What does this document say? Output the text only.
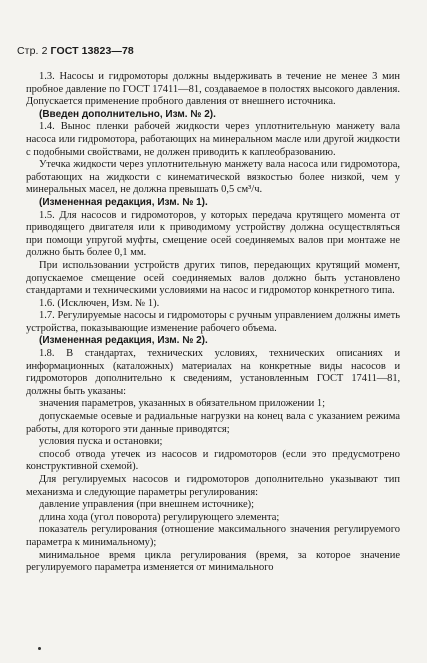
Стр. 2 ГОСТ 13823—78

1.3. Насосы и гидромоторы должны выдерживать в течение не менее 3 мин пробное давление по ГОСТ 17411—81, создаваемое в полостях высокого давления. Допускается применение пробного давления от внешнего источника.

(Введен дополнительно, Изм. № 2).

1.4. Вынос пленки рабочей жидкости через уплотнительную манжету вала насоса или гидромотора, работающих на минеральном масле или другой жидкости с подобными свойствами, не должен приводить к каплеобразованию.

Утечка жидкости через уплотнительную манжету вала насоса или гидромотора, работающих на жидкости с кинематической вязкостью более низкой, чем у минеральных масел, не должна превышать 0,5 см³/ч.

(Измененная редакция, Изм. № 1).

1.5. Для насосов и гидромоторов, у которых передача крутящего момента от приводящего двигателя или к приводимому устройству должна осуществляться при помощи упругой муфты, смещение осей соединяемых валов при монтаже не должно быть более 0,1 мм.

При использовании устройств других типов, передающих крутящий момент, допускаемое смещение осей соединяемых валов должно быть установлено стандартами и техническими условиями на насос и гидромотор конкретного типа.

1.6. (Исключен, Изм. № 1).

1.7. Регулируемые насосы и гидромоторы с ручным управлением должны иметь устройства, показывающие изменение рабочего объема.

(Измененная редакция, Изм. № 2).

1.8. В стандартах, технических условиях, технических описаниях и информационных (каталожных) материалах на конкретные виды насосов и гидромоторов дополнительно к сведениям, установленным ГОСТ 17411—81, должны быть указаны:

значения параметров, указанных в обязательном приложении 1;

допускаемые осевые и радиальные нагрузки на конец вала с указанием режима работы, для которого эти данные приводятся;

условия пуска и остановки;

способ отвода утечек из насосов и гидромоторов (если это предусмотрено конструктивной схемой).

Для регулируемых насосов и гидромоторов дополнительно указывают тип механизма и следующие параметры регулирования:

давление управления (при внешнем источнике);

длина хода (угол поворота) регулирующего элемента;

показатель регулирования (отношение максимального значения регулируемого параметра к минимальному);

минимальное время цикла регулирования (время, за которое значение регулируемого параметра изменяется от минимального
